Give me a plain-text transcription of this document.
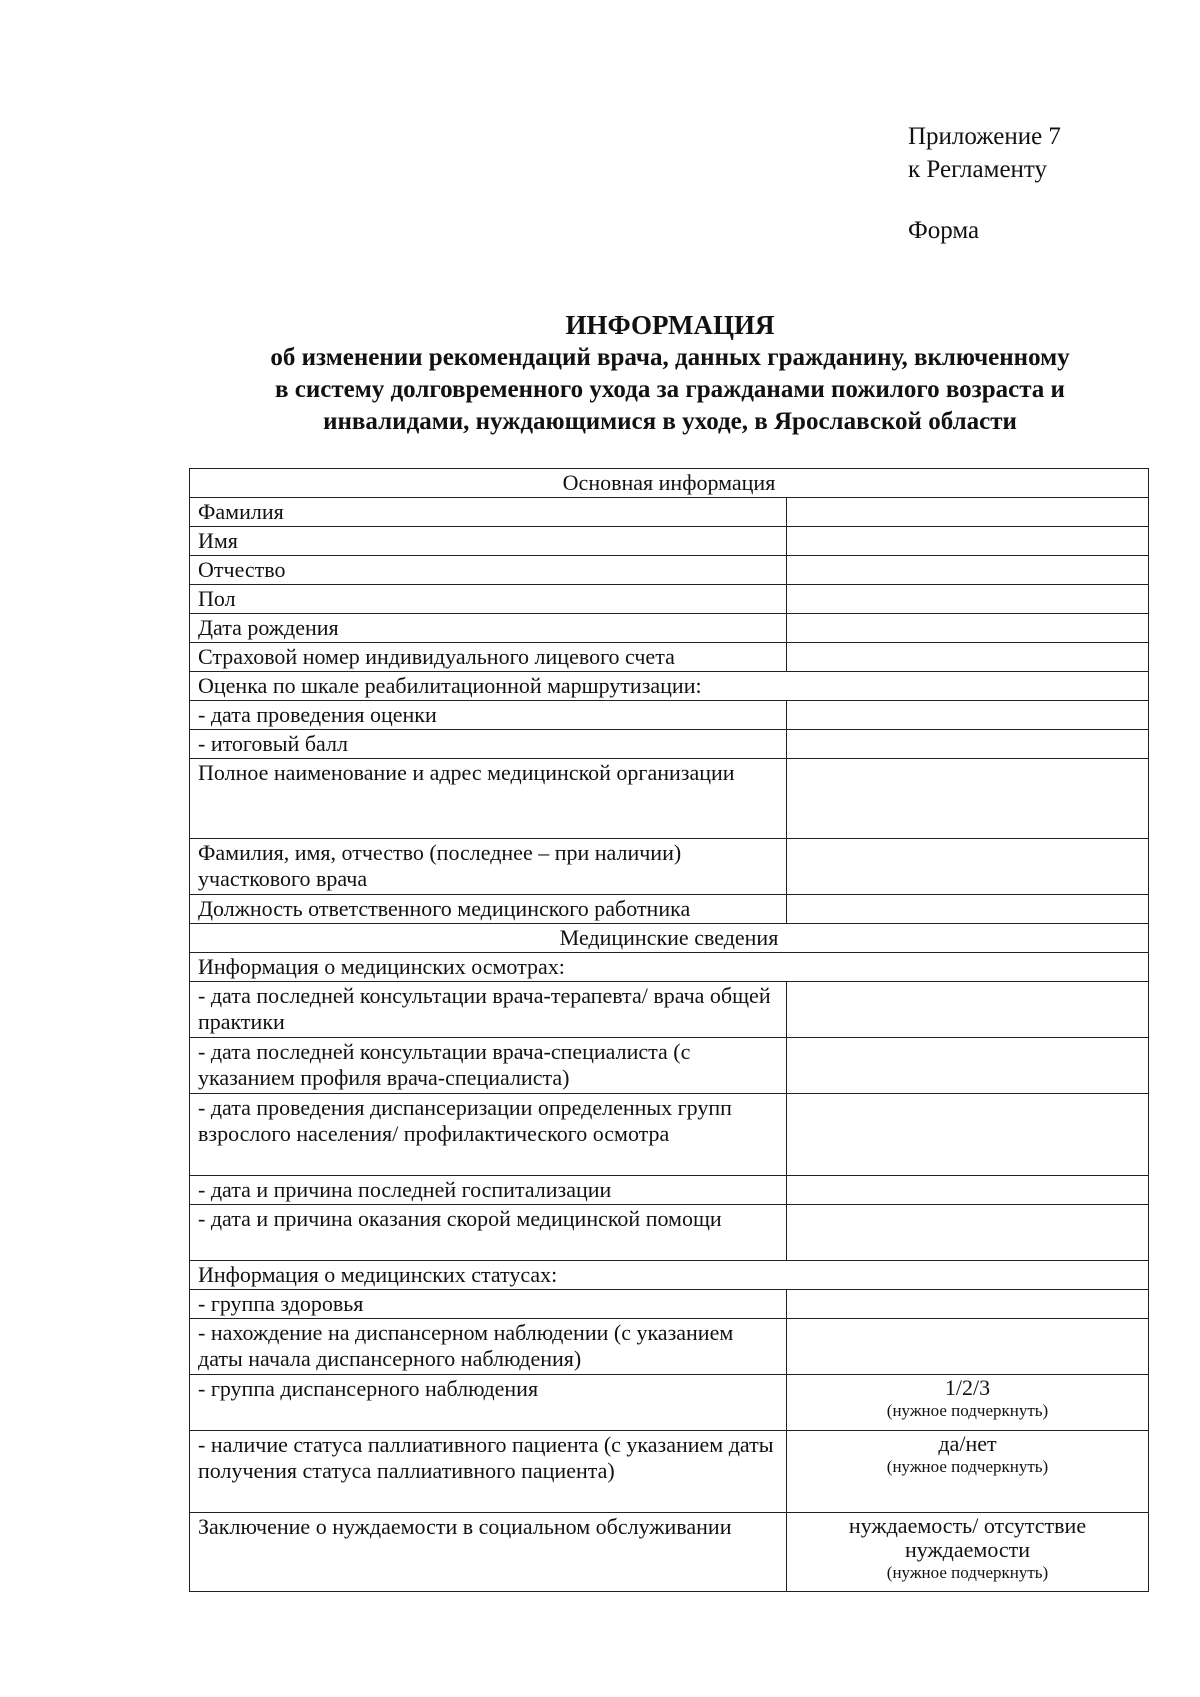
Приложение 7
к Регламенту
Форма
ИНФОРМАЦИЯ
об изменении рекомендаций врача, данных гражданину, включенному
в систему долговременного ухода за гражданами пожилого возраста и
инвалидами, нуждающимися в уходе, в Ярославской области
Основная информация	
Фамилия	
Имя	
Отчество	
Пол	
Дата рождения	
Страховой номер индивидуального лицевого счета	
Оценка по шкале реабилитационной маршрутизации:	
- дата проведения оценки	
- итоговый балл	
Полное наименование и адрес медицинской организации	
Фамилия, имя, отчество (последнее – при наличии) участкового врача	
Должность ответственного медицинского работника	
Медицинские сведения	
Информация о медицинских осмотрах:	
- дата последней консультации врача-терапевта/ врача общей практики	
- дата последней консультации врача-специалиста (с указанием профиля врача-специалиста)	
- дата проведения диспансеризации определенных групп взрослого населения/ профилактического осмотра	
- дата и причина последней госпитализации	
- дата и причина оказания скорой медицинской помощи	
Информация о медицинских статусах:	
- группа здоровья	
- нахождение на диспансерном наблюдении (с указанием даты начала диспансерного наблюдения)	
- группа диспансерного наблюдения	1/2/3
(нужное подчеркнуть)

- наличие статуса паллиативного пациента (с указанием даты получения статуса паллиативного пациента)	да/нет
(нужное подчеркнуть)

Заключение о нуждаемости в социальном обслуживании	нуждаемость/ отсутствие нуждаемости
(нужное подчеркнуть)
